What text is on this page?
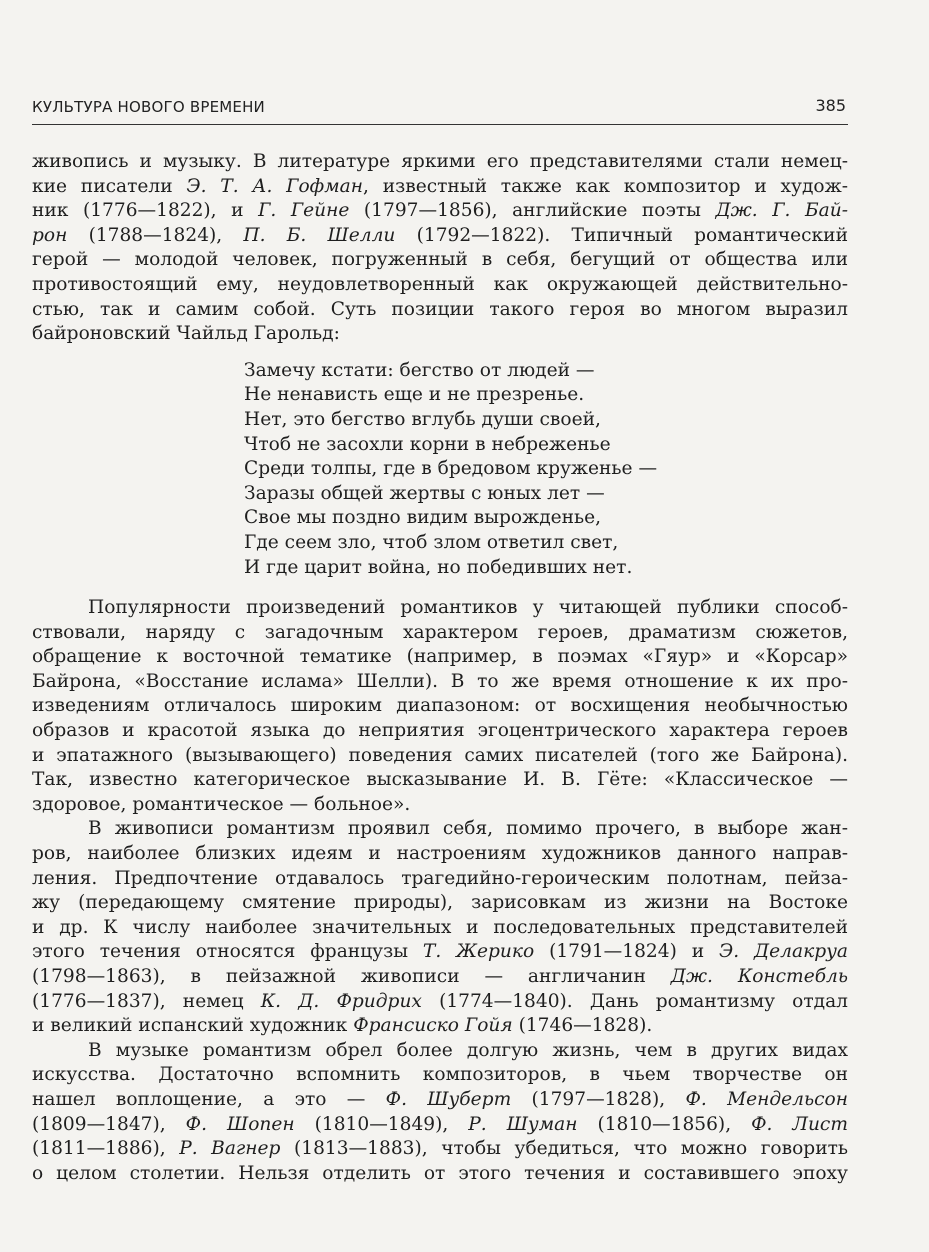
КУЛЬТУРА НОВОГО ВРЕМЕНИ	385
живопись и музыку. В литературе яркими его представителями стали немец-
кие писатели Э. Т. А. Гофман, известный также как композитор и худож-
ник (1776—1822), и Г. Гейне (1797—1856), английские поэты Дж. Г. Бай-
рон (1788—1824), П. Б. Шелли (1792—1822). Типичный романтический
герой — молодой человек, погруженный в себя, бегущий от общества или
противостоящий ему, неудовлетворенный как окружающей действительно-
стью, так и самим собой. Суть позиции такого героя во многом выразил
байроновский Чайльд Гарольд:
Замечу кстати: бегство от людей —
Не ненависть еще и не презренье.
Нет, это бегство вглубь души своей,
Чтоб не засохли корни в небреженье
Среди толпы, где в бредовом круженье —
Заразы общей жертвы с юных лет —
Свое мы поздно видим вырожденье,
Где сеем зло, чтоб злом ответил свет,
И где царит война, но победивших нет.
Популярности произведений романтиков у читающей публики способ-
ствовали, наряду с загадочным характером героев, драматизм сюжетов,
обращение к восточной тематике (например, в поэмах «Гяур» и «Корсар»
Байрона, «Восстание ислама» Шелли). В то же время отношение к их про-
изведениям отличалось широким диапазоном: от восхищения необычностью
образов и красотой языка до неприятия эгоцентрического характера героев
и эпатажного (вызывающего) поведения самих писателей (того же Байрона).
Так, известно категорическое высказывание И. В. Гёте: «Классическое —
здоровое, романтическое — больное».
В живописи романтизм проявил себя, помимо прочего, в выборе жан-
ров, наиболее близких идеям и настроениям художников данного направ-
ления. Предпочтение отдавалось трагедийно-героическим полотнам, пейза-
жу (передающему смятение природы), зарисовкам из жизни на Востоке
и др. К числу наиболее значительных и последовательных представителей
этого течения относятся французы Т. Жерико (1791—1824) и Э. Делакруа
(1798—1863), в пейзажной живописи — англичанин Дж. Констебль
(1776—1837), немец К. Д. Фридрих (1774—1840). Дань романтизму отдал
и великий испанский художник Франсиско Гойя (1746—1828).
В музыке романтизм обрел более долгую жизнь, чем в других видах
искусства. Достаточно вспомнить композиторов, в чьем творчестве он
нашел воплощение, а это — Ф. Шуберт (1797—1828), Ф. Мендельсон
(1809—1847), Ф. Шопен (1810—1849), Р. Шуман (1810—1856), Ф. Лист
(1811—1886), Р. Вагнер (1813—1883), чтобы убедиться, что можно говорить
о целом столетии. Нельзя отделить от этого течения и составившего эпоху
